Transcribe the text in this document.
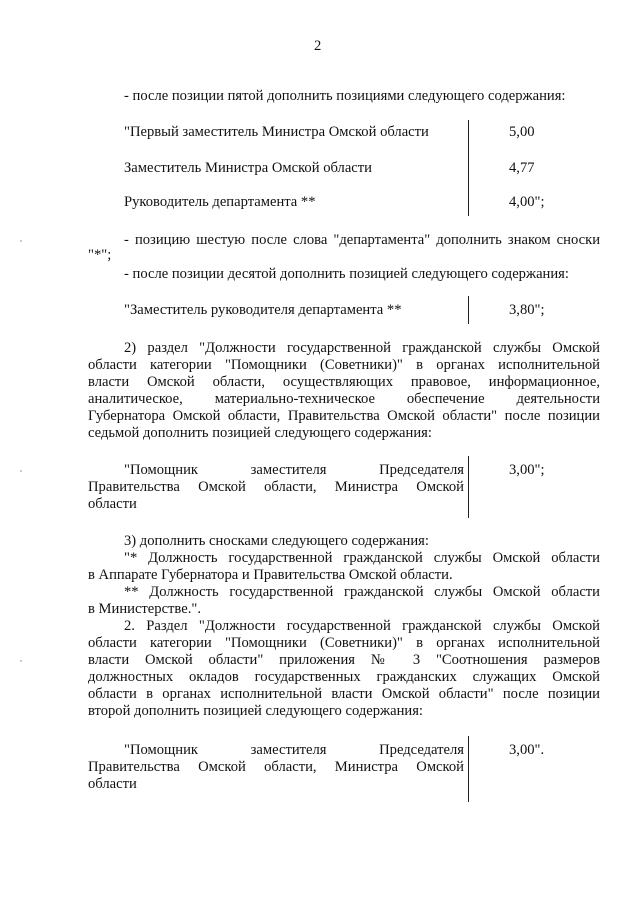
2
- после позиции пятой дополнить позициями следующего содержания:
"Первый заместитель Министра Омской области	5,00
Заместитель Министра Омской области	4,77
Руководитель департамента **	4,00";
- позицию шестую после слова "департамента" дополнить знаком сноски
"*";
- после позиции десятой дополнить позицией следующего содержания:
"Заместитель руководителя департамента **	3,80";
2) раздел "Должности государственной гражданской службы Омской
области категории "Помощники (Советники)" в органах исполнительной
власти Омской области, осуществляющих правовое, информационное,
аналитическое, материально-техническое обеспечение деятельности
Губернатора Омской области, Правительства Омской области" после позиции
седьмой дополнить позицией следующего содержания:
"Помощник заместителя Председателя
Правительства Омской области, Министра Омской
области
3,00";
3) дополнить сносками следующего содержания:
"* Должность государственной гражданской службы Омской области
в Аппарате Губернатора и Правительства Омской области.
** Должность государственной гражданской службы Омской области
в Министерстве.".
2. Раздел "Должности государственной гражданской службы Омской
области категории "Помощники (Советники)" в органах исполнительной
власти Омской области" приложения № 3 "Соотношения размеров
должностных окладов государственных гражданских служащих Омской
области в органах исполнительной власти Омской области" после позиции
второй дополнить позицией следующего содержания:
"Помощник заместителя Председателя
Правительства Омской области, Министра Омской
области
3,00".
